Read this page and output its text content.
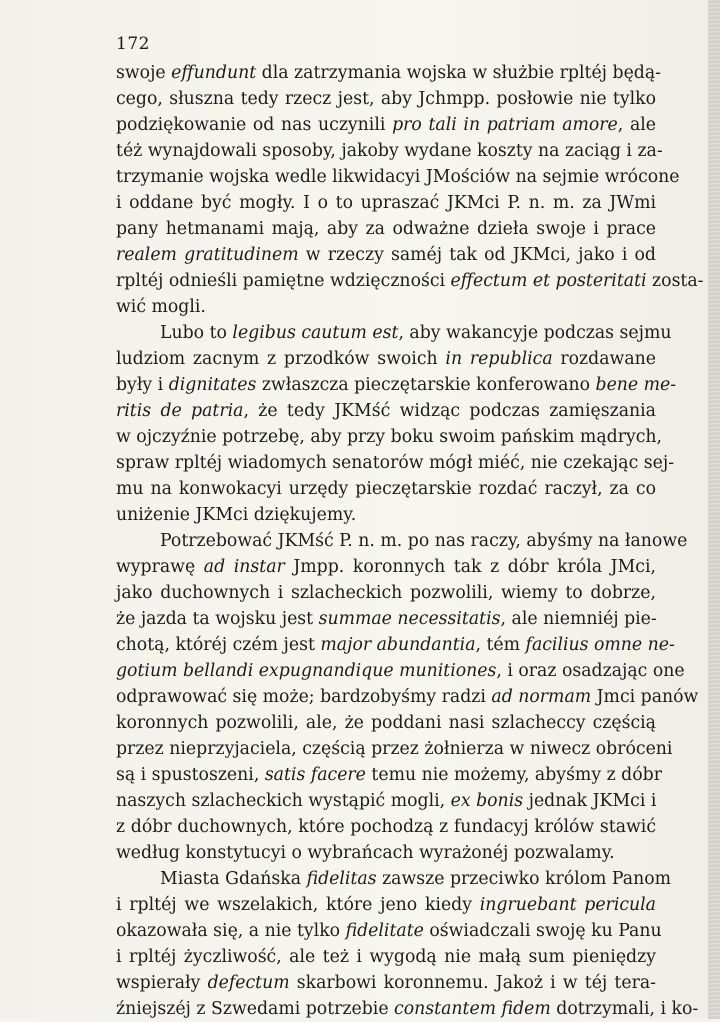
172
swoje effundunt dla zatrzymania wojska w służbie rpltéj będą-
cego, słuszna tedy rzecz jest, aby Jchmpp. posłowie nie tylko
podziękowanie od nas uczynili pro tali in patriam amore, ale
téż wynajdowali sposoby, jakoby wydane koszty na zaciąg i za-
trzymanie wojska wedle likwidacyi JMościów na sejmie wrócone
i oddane być mogły. I o to upraszać JKMci P. n. m. za JWmi
pany hetmanami mają, aby za odważne dzieła swoje i prace
realem gratitudinem w rzeczy saméj tak od JKMci, jako i od
rpltéj odnieśli pamiętne wdzięczności effectum et posteritati zosta-
wić mogli.
Lubo to legibus cautum est, aby wakancyje podczas sejmu
ludziom zacnym z przodków swoich in republica rozdawane
były i dignitates zwłaszcza pieczętarskie konferowano bene me-
ritis de patria, że tedy JKMść widząc podczas zamięszania
w ojczyźnie potrzebę, aby przy boku swoim pańskim mądrych,
spraw rpltéj wiadomych senatorów mógł miéć, nie czekając sej-
mu na konwokacyi urzędy pieczętarskie rozdać raczył, za co
uniżenie JKMci dziękujemy.
Potrzebować JKMść P. n. m. po nas raczy, abyśmy na łanowe
wyprawę ad instar Jmpp. koronnych tak z dóbr króla JMci,
jako duchownych i szlacheckich pozwolili, wiemy to dobrze,
że jazda ta wojsku jest summae necessitatis, ale niemniéj pie-
chotą, któréj czém jest major abundantia, tém facilius omne ne-
gotium bellandi expugnandique munitiones, i oraz osadzając one
odprawować się może; bardzobyśmy radzi ad normam Jmci panów
koronnych pozwolili, ale, że poddani nasi szlacheccy częścią
przez nieprzyjaciela, częścią przez żołnierza w niwecz obróceni
są i spustoszeni, satis facere temu nie możemy, abyśmy z dóbr
naszych szlacheckich wystąpić mogli, ex bonis jednak JKMci i
z dóbr duchownych, które pochodzą z fundacyj królów stawić
według konstytucyi o wybrańcach wyrażonéj pozwalamy.
Miasta Gdańska fidelitas zawsze przeciwko królom Panom
i rpltéj we wszelakich, które jeno kiedy ingruebant pericula
okazowała się, a nie tylko fidelitate oświadczali swoję ku Panu
i rpltéj życzliwość, ale też i wygodą nie małą sum pieniędzy
wspierały defectum skarbowi koronnemu. Jakoż i w téj tera-
źniejszéj z Szwedami potrzebie constantem fidem dotrzymali, i ko-
